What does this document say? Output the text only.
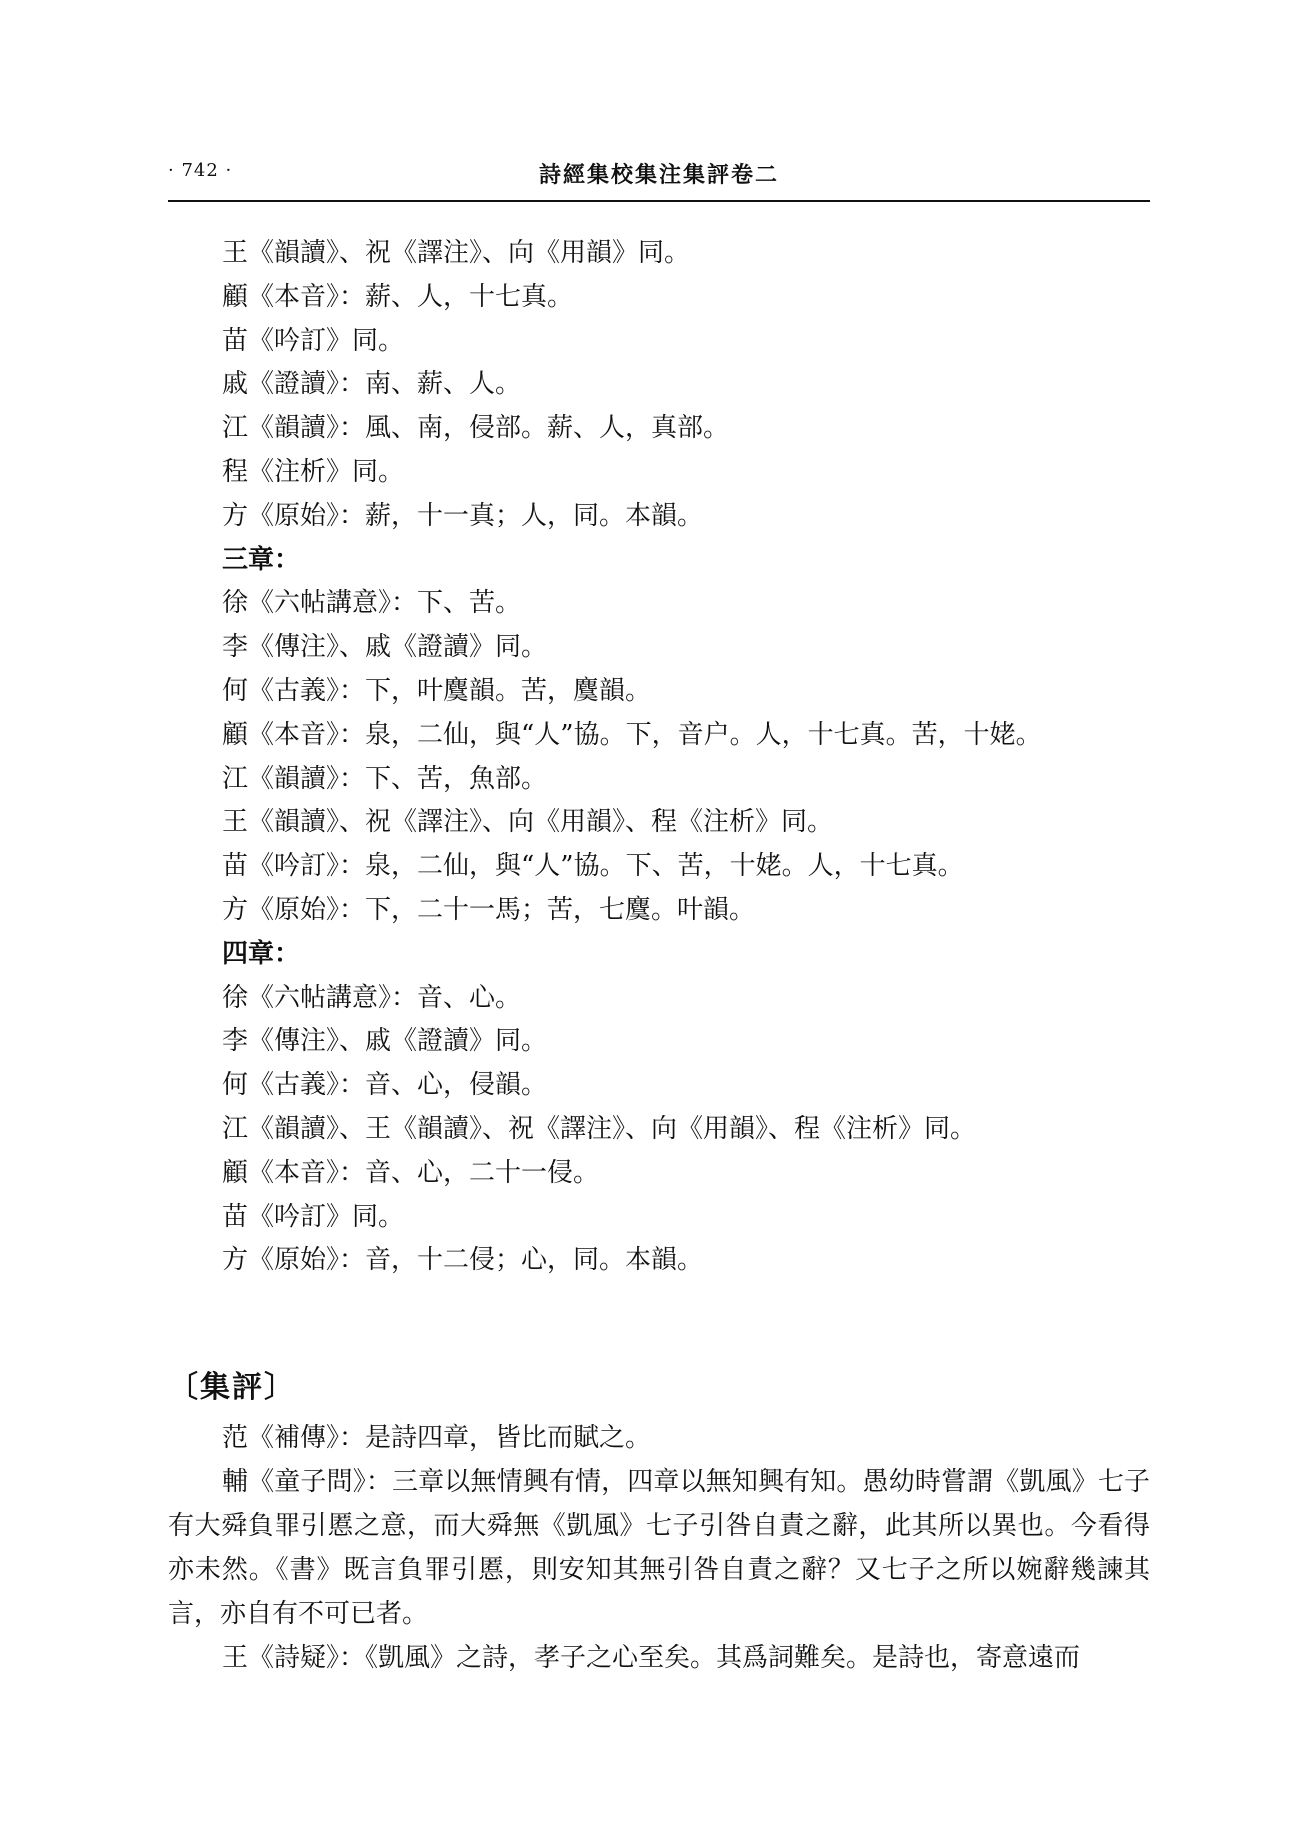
· 742 ·	詩經集校集注集評卷二
王《韻讀》、祝《譯注》、向《用韻》同。
顧《本音》：薪、人，十七真。
苗《吟訂》同。
戚《證讀》：南、薪、人。
江《韻讀》：風、南，侵部。薪、人，真部。
程《注析》同。
方《原始》：薪，十一真；人，同。本韻。
三章：
徐《六帖講意》：下、苦。
李《傳注》、戚《證讀》同。
何《古義》：下，叶麌韻。苦，麌韻。
顧《本音》：泉，二仙，與“人”協。下，音户。人，十七真。苦，十姥。
江《韻讀》：下、苦，魚部。
王《韻讀》、祝《譯注》、向《用韻》、程《注析》同。
苗《吟訂》：泉，二仙，與“人”協。下、苦，十姥。人，十七真。
方《原始》：下，二十一馬；苦，七麌。叶韻。
四章：
徐《六帖講意》：音、心。
李《傳注》、戚《證讀》同。
何《古義》：音、心，侵韻。
江《韻讀》、王《韻讀》、祝《譯注》、向《用韻》、程《注析》同。
顧《本音》：音、心，二十一侵。
苗《吟訂》同。
方《原始》：音，十二侵；心，同。本韻。
〔集評〕

范《補傳》：是詩四章，皆比而賦之。

輔《童子問》：三章以無情興有情，四章以無知興有知。愚幼時嘗謂《凱風》七子有大舜負罪引慝之意，而大舜無《凱風》七子引咎自責之辭，此其所以異也。今看得亦未然。《書》既言負罪引慝，則安知其無引咎自責之辭？又七子之所以婉辭幾諫其言，亦自有不可已者。

王《詩疑》：《凱風》之詩，孝子之心至矣。其爲詞難矣。是詩也，寄意遠而
